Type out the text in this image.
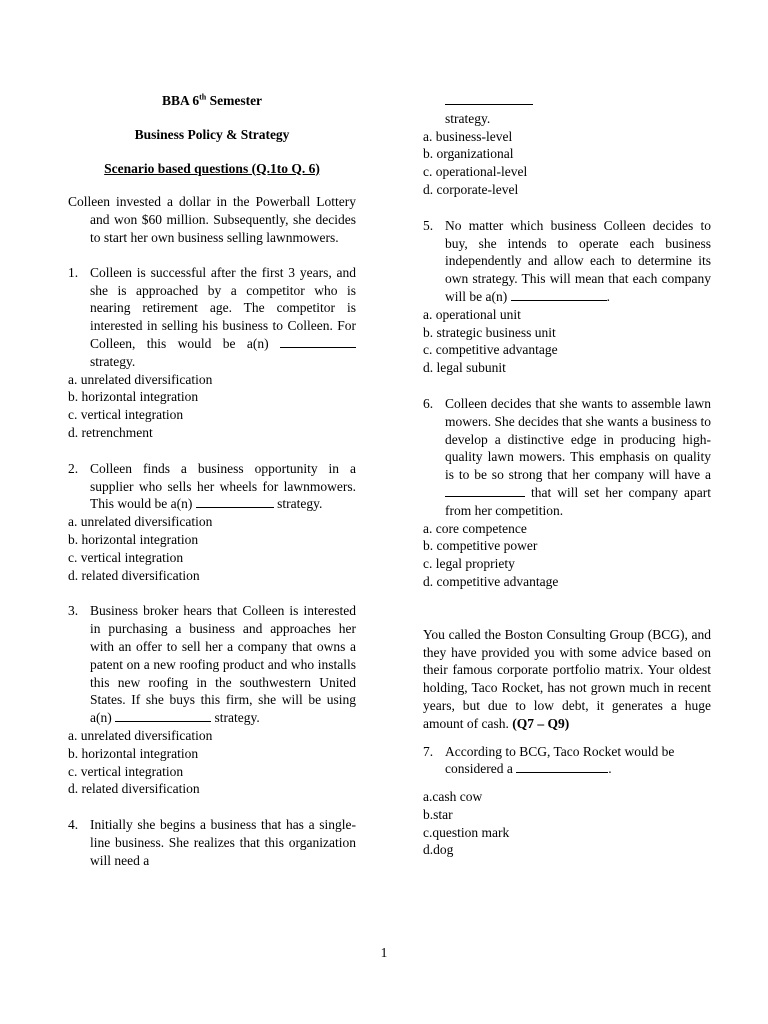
BBA 6th Semester

Business Policy & Strategy

Scenario based questions (Q.1to Q. 6)

Colleen invested a dollar in the Powerball Lottery and won $60 million. Subsequently, she decides to start her own business selling lawnmowers.

1. Colleen is successful after the first 3 years, and she is approached by a competitor who is nearing retirement age. The competitor is interested in selling his business to Colleen. For Colleen, this would be a(n)  strategy.

a. unrelated diversification

b. horizontal integration

c. vertical integration

d. retrenchment

2. Colleen finds a business opportunity in a supplier who sells her wheels for lawnmowers. This would be a(n)	strategy.

a. unrelated diversification

b. horizontal integration

c. vertical integration

d. related diversification

3. Business broker hears that Colleen is interested in purchasing a business and approaches her with an offer to sell her a company that owns a patent on a new roofing product and who installs this new roofing in the southwestern United States. If she buys this firm, she will be using a(n)	strategy.

a. unrelated diversification

b. horizontal integration

c. vertical integration

d. related diversification

4. Initially she begins a business that has a single-line business. She realizes that this organization will need a

strategy.

a. business-level

b. organizational

c. operational-level

d. corporate-level

5. No matter which business Colleen decides to buy, she intends to operate each business independently and allow each to determine its own strategy. This will mean that each company will be a(n)	.

a. operational unit

b. strategic business unit

c. competitive advantage

d. legal subunit

6. Colleen decides that she wants to assemble lawn mowers. She decides that she wants a business to develop a distinctive edge in producing high-quality lawn mowers. This emphasis on quality is to be so strong that her company will have a  that will set her company apart from her competition.

a. core competence

b. competitive power

c. legal propriety

d. competitive advantage

You called the Boston Consulting Group (BCG), and they have provided you with some advice based on their famous corporate portfolio matrix. Your oldest holding, Taco Rocket, has not grown much in recent years, but due to low debt, it generates a huge amount of cash. (Q7 – Q9)

7. According to BCG, Taco Rocket would be considered a	.

a.cash cow

b.star

c.question mark

d.dog

1
